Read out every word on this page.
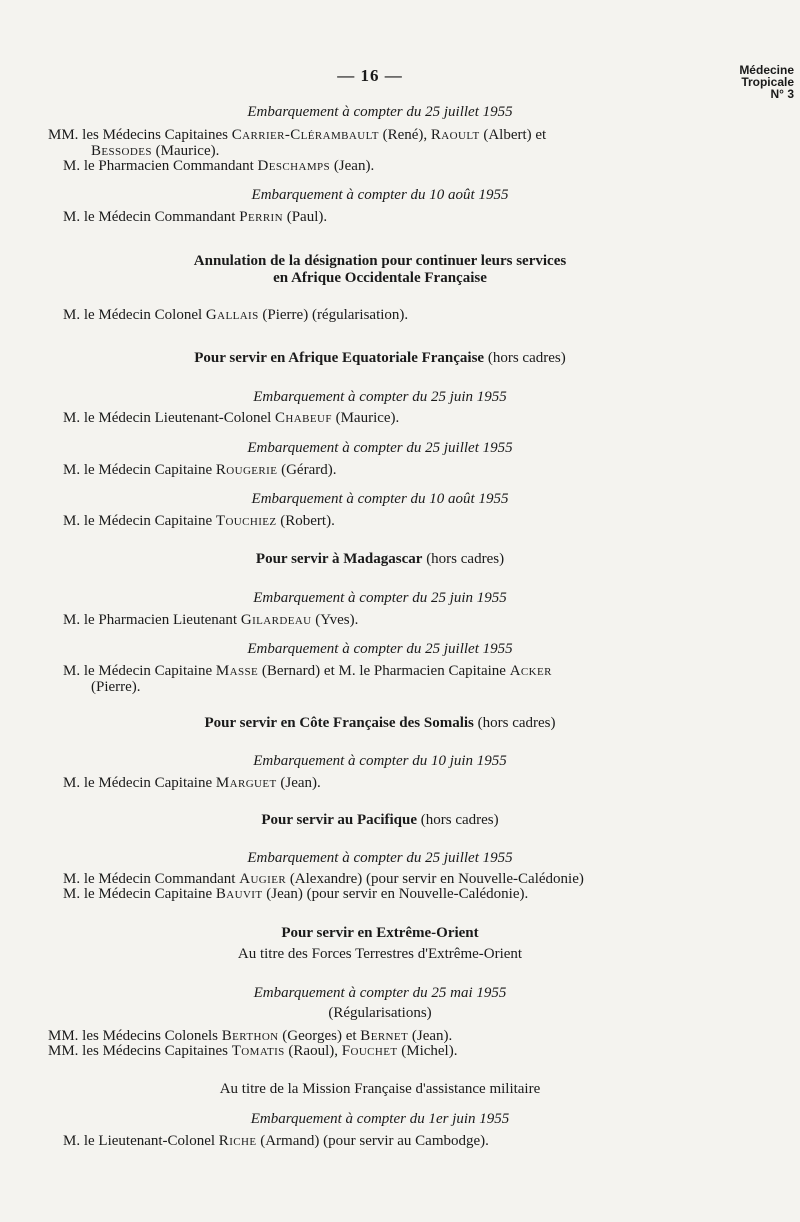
— 16 —	Médecine
Tropicale
N° 3
Embarquement à compter du 25 juillet 1955
MM. les Médecins Capitaines Carrier-Clérambault (René), Raoult (Albert) et
Bessodes (Maurice).
M. le Pharmacien Commandant Deschamps (Jean).
Embarquement à compter du 10 août 1955
M. le Médecin Commandant Perrin (Paul).
Annulation de la désignation pour continuer leurs services
en Afrique Occidentale Française
M. le Médecin Colonel Gallais (Pierre) (régularisation).
Pour servir en Afrique Equatoriale Française (hors cadres)
Embarquement à compter du 25 juin 1955
M. le Médecin Lieutenant-Colonel Chabeuf (Maurice).
Embarquement à compter du 25 juillet 1955
M. le Médecin Capitaine Rougerie (Gérard).
Embarquement à compter du 10 août 1955
M. le Médecin Capitaine Touchiez (Robert).
Pour servir à Madagascar (hors cadres)
Embarquement à compter du 25 juin 1955
M. le Pharmacien Lieutenant Gilardeau (Yves).
Embarquement à compter du 25 juillet 1955
M. le Médecin Capitaine Masse (Bernard) et M. le Pharmacien Capitaine Acker
(Pierre).
Pour servir en Côte Française des Somalis (hors cadres)
Embarquement à compter du 10 juin 1955
M. le Médecin Capitaine Marguet (Jean).
Pour servir au Pacifique (hors cadres)
Embarquement à compter du 25 juillet 1955
M. le Médecin Commandant Augier (Alexandre) (pour servir en Nouvelle-Calédonie)
M. le Médecin Capitaine Bauvit (Jean) (pour servir en Nouvelle-Calédonie).
Pour servir en Extrême-Orient
Au titre des Forces Terrestres d'Extrême-Orient
Embarquement à compter du 25 mai 1955
(Régularisations)
MM. les Médecins Colonels Berthon (Georges) et Bernet (Jean).
MM. les Médecins Capitaines Tomatis (Raoul), Fouchet (Michel).
Au titre de la Mission Française d'assistance militaire
Embarquement à compter du 1er juin 1955
M. le Lieutenant-Colonel Riche (Armand) (pour servir au Cambodge).
